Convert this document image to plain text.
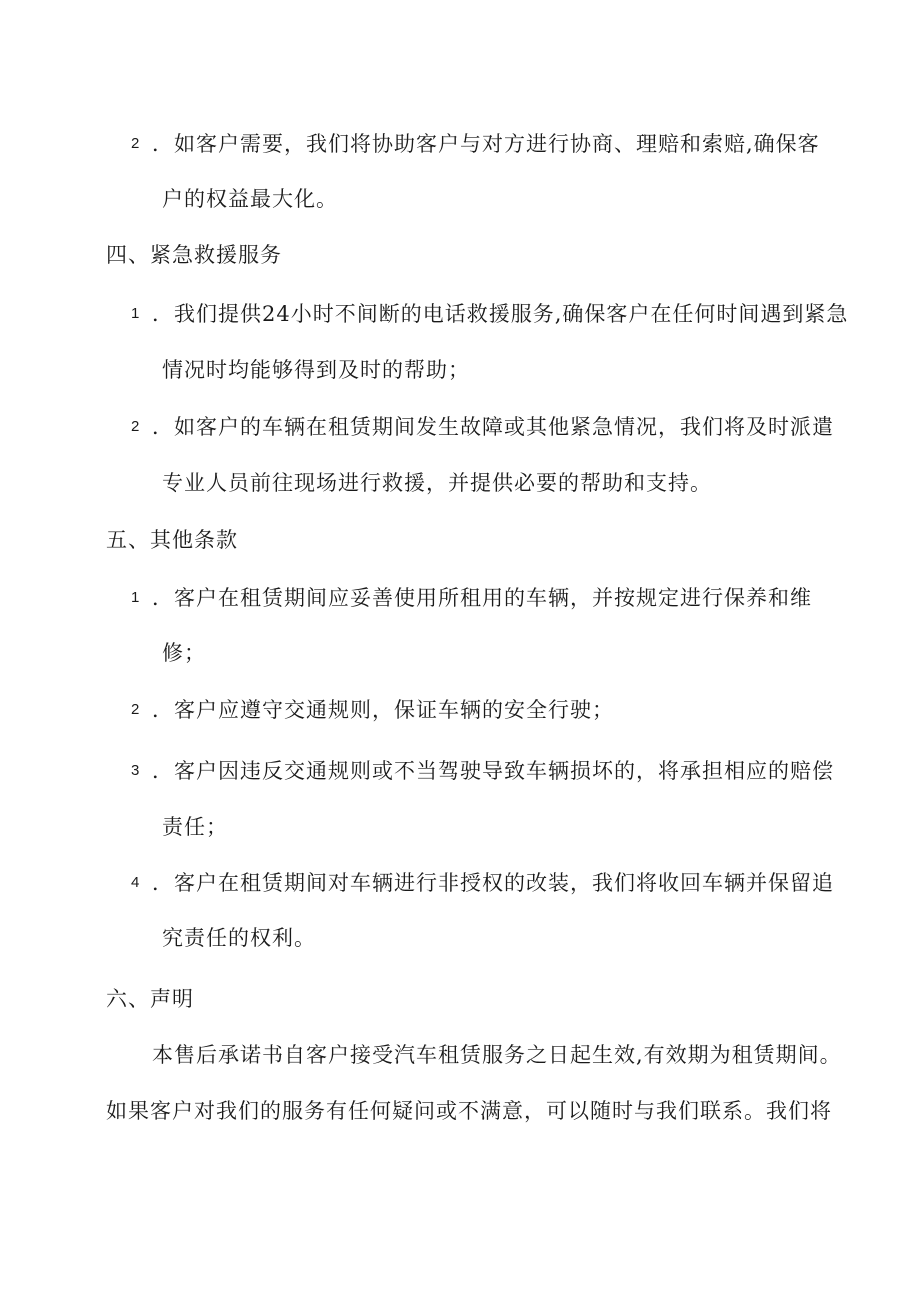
2 ．如客户需要，我们将协助客户与对方进行协商、理赔和索赔,确保客
户的权益最大化。
四、紧急救援服务
1 ．我们提供24小时不间断的电话救援服务,确保客户在任何时间遇到紧急
情况时均能够得到及时的帮助；
2 ．如客户的车辆在租赁期间发生故障或其他紧急情况，我们将及时派遣
专业人员前往现场进行救援，并提供必要的帮助和支持。
五、其他条款
1 ．客户在租赁期间应妥善使用所租用的车辆，并按规定进行保养和维
修；
2 ．客户应遵守交通规则，保证车辆的安全行驶；
3 ．客户因违反交通规则或不当驾驶导致车辆损坏的，将承担相应的赔偿
责任；
4 ．客户在租赁期间对车辆进行非授权的改装，我们将收回车辆并保留追
究责任的权利。
六、声明
本售后承诺书自客户接受汽车租赁服务之日起生效,有效期为租赁期间。
如果客户对我们的服务有任何疑问或不满意，可以随时与我们联系。我们将
